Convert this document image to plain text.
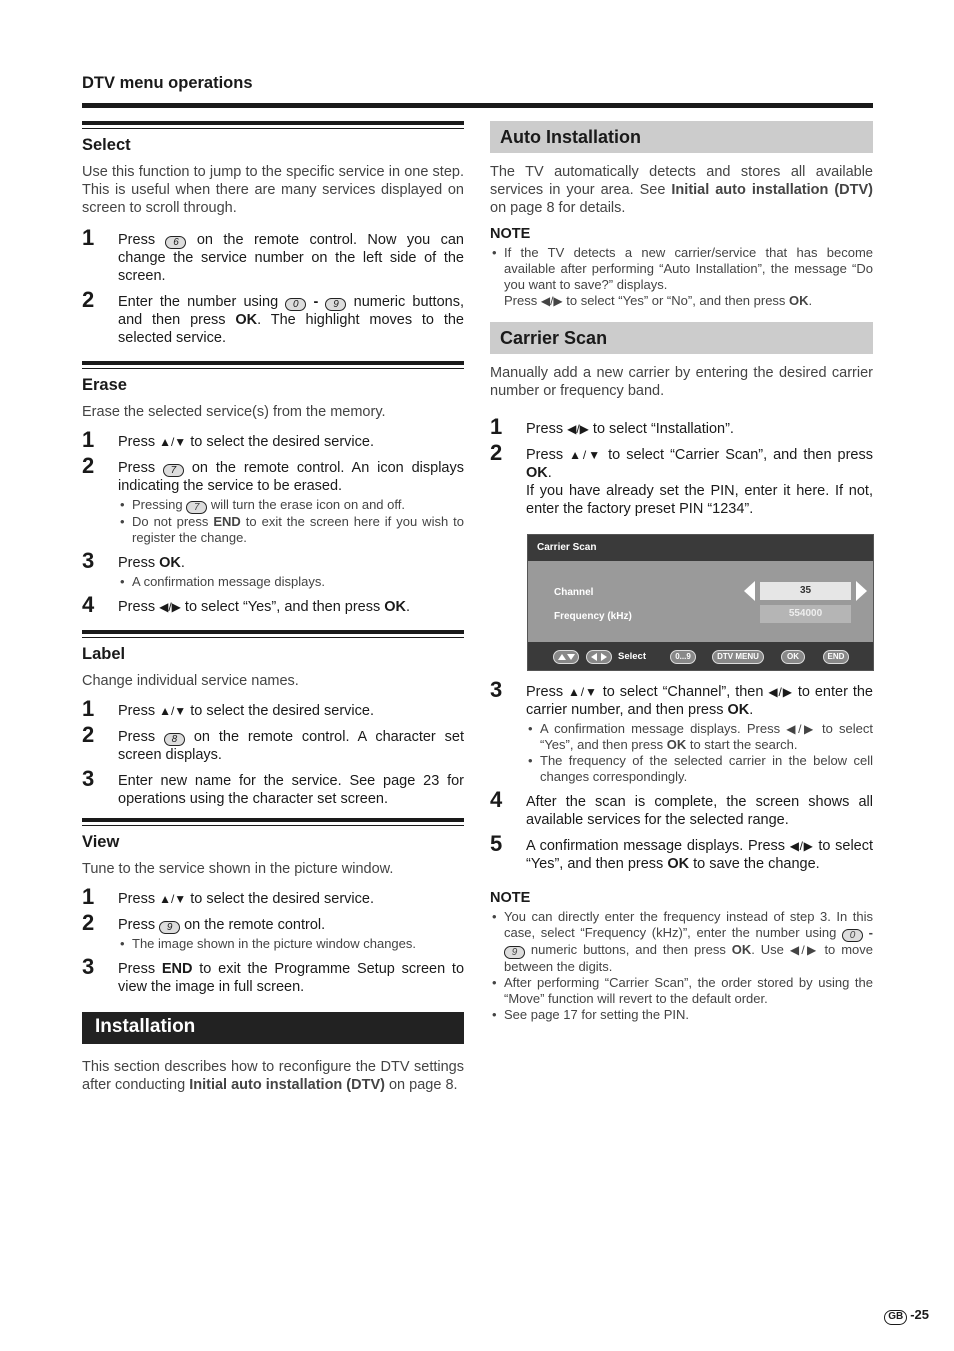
DTV menu operations
Select
Use this function to jump to the specific service in one step. This is useful when there are many services displayed on screen to scroll through.
1 Press 6 on the remote control. Now you can change the service number on the left side of the screen.
2 Enter the number using 0 - 9 numeric buttons, and then press OK. The highlight moves to the selected service.
Erase
Erase the selected service(s) from the memory.
1 Press ▲/▼ to select the desired service.
2 Press 7 on the remote control. An icon displays indicating the service to be erased.
• Pressing 7 will turn the erase icon on and off.
• Do not press END to exit the screen here if you wish to register the change.
3 Press OK.
• A confirmation message displays.
4 Press ◀/▶ to select “Yes”, and then press OK.
Label
Change individual service names.
1 Press ▲/▼ to select the desired service.
2 Press 8 on the remote control. A character set screen displays.
3 Enter new name for the service. See page 23 for operations using the character set screen.
View
Tune to the service shown in the picture window.
1 Press ▲/▼ to select the desired service.
2 Press 9 on the remote control.
• The image shown in the picture window changes.
3 Press END to exit the Programme Setup screen to view the image in full screen.
Installation
This section describes how to reconfigure the DTV settings after conducting Initial auto installation (DTV) on page 8.
Auto Installation
The TV automatically detects and stores all available services in your area. See Initial auto installation (DTV) on page 8 for details.
NOTE
• If the TV detects a new carrier/service that has become available after performing “Auto Installation”, the message “Do you want to save?” displays.
Press ◀/▶ to select “Yes” or “No”, and then press OK.
Carrier Scan
Manually add a new carrier by entering the desired carrier number or frequency band.
1 Press ◀/▶ to select “Installation”.
2 Press ▲/▼ to select “Carrier Scan”, and then press OK.
If you have already set the PIN, enter it here. If not, enter the factory preset PIN “1234”.
Carrier Scan
Channel	35
Frequency (kHz)	554000
Select	0...9	DTV MENU	OK	END
3 Press ▲/▼ to select “Channel”, then ◀/▶ to enter the carrier number, and then press OK.
• A confirmation message displays. Press ◀/▶ to select “Yes”, and then press OK to start the search.
• The frequency of the selected carrier in the below cell changes correspondingly.
4 After the scan is complete, the screen shows all available services for the selected range.
5 A confirmation message displays. Press ◀/▶ to select “Yes”, and then press OK to save the change.
NOTE
• You can directly enter the frequency instead of step 3. In this case, select “Frequency (kHz)”, enter the number using 0 - 9 numeric buttons, and then press OK. Use ◀/▶ to move between the digits.
• After performing “Carrier Scan”, the order stored by using the “Move” function will revert to the default order.
• See page 17 for setting the PIN.
GB -25
